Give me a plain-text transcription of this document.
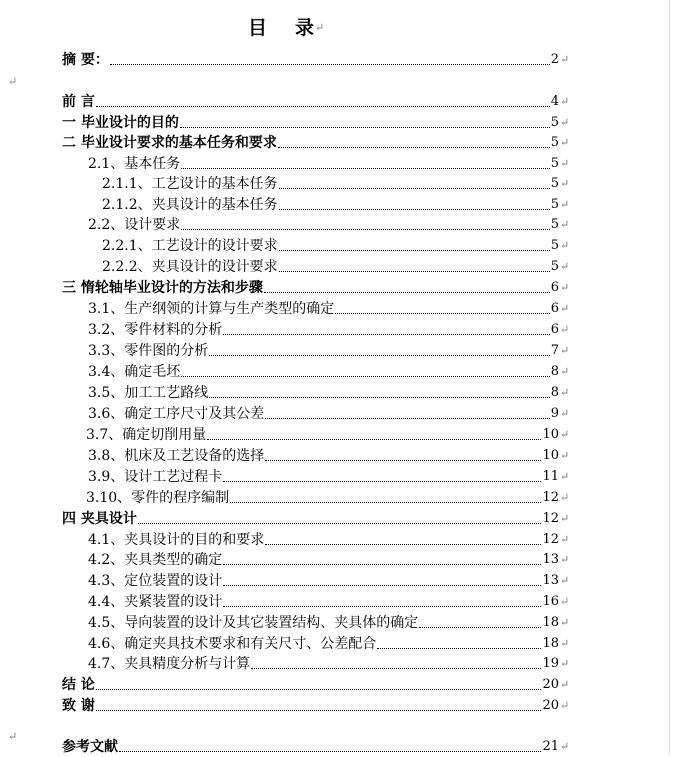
目 录↵
↵
↵
摘 要：	2 ↵
前 言	4 ↵
一 毕业设计的目的	5 ↵
二 毕业设计要求的基本任务和要求	5 ↵
2.1、基本任务	5 ↵
2.1.1、工艺设计的基本任务	5 ↵
2.1.2、夹具设计的基本任务	5 ↵
2.2、设计要求	5 ↵
2.2.1、工艺设计的设计要求	5 ↵
2.2.2、夹具设计的设计要求	5 ↵
三 惰轮轴毕业设计的方法和步骤	6 ↵
3.1、生产纲领的计算与生产类型的确定	6 ↵
3.2、零件材料的分析	6 ↵
3.3、零件图的分析	7 ↵
3.4、确定毛坯	8 ↵
3.5、加工工艺路线	8 ↵
3.6、确定工序尺寸及其公差	9 ↵
3.7、确定切削用量	10 ↵
3.8、机床及工艺设备的选择	10 ↵
3.9、设计工艺过程卡	11 ↵
3.10、零件的程序编制	12 ↵
四 夹具设计	12 ↵
4.1、夹具设计的目的和要求	12 ↵
4.2、夹具类型的确定	13 ↵
4.3、定位装置的设计	13 ↵
4.4、夹紧装置的设计	16 ↵
4.5、导向装置的设计及其它装置结构、夹具体的确定	18 ↵
4.6、确定夹具技术要求和有关尺寸、公差配合	18 ↵
4.7、夹具精度分析与计算	19 ↵
结 论	20 ↵
致 谢	20 ↵
参考文献	21 ↵
